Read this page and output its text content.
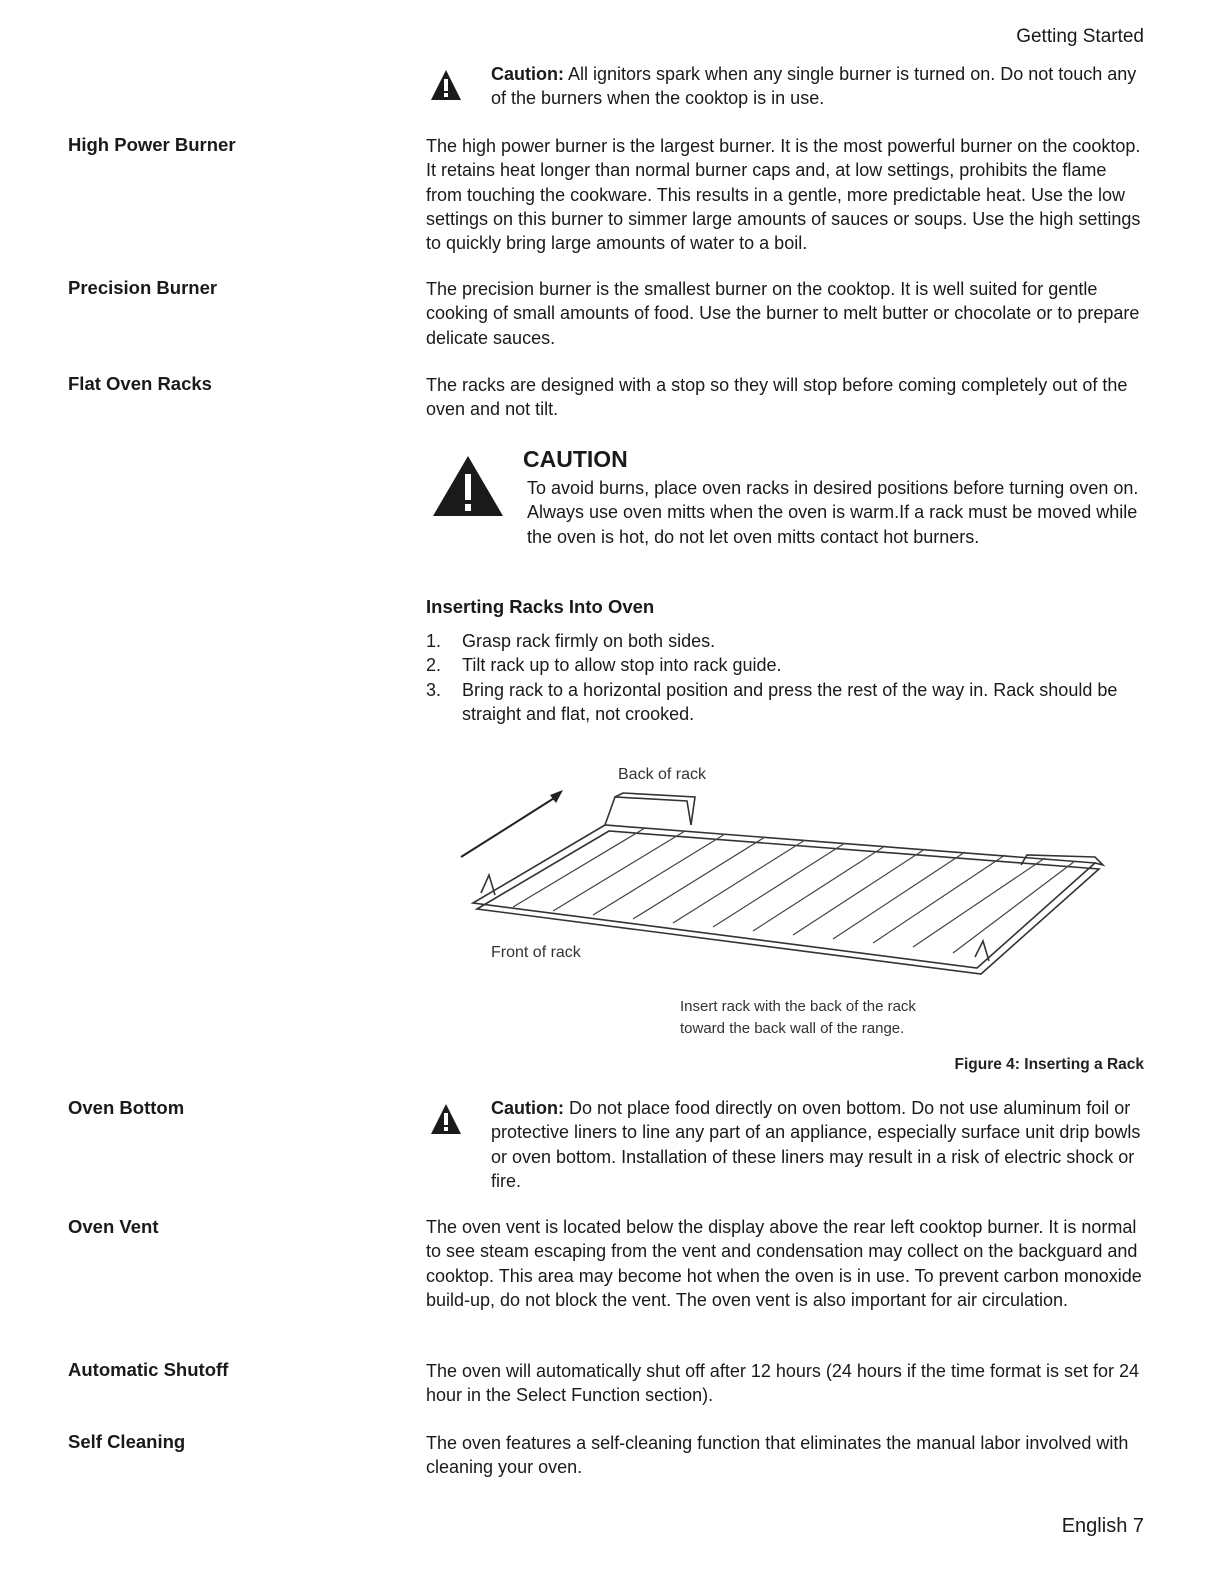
Getting Started
Caution: All ignitors spark when any single burner is turned on. Do not touch any of the burners when the cooktop is in use.
High Power Burner	The high power burner is the largest burner. It is the most powerful burner on the cooktop. It retains heat longer than normal burner caps and, at low settings, prohibits the flame from touching the cookware. This results in a gentle, more predictable heat. Use the low settings on this burner to simmer large amounts of sauces or soups. Use the high settings to quickly bring large amounts of water to a boil.
Precision Burner	The precision burner is the smallest burner on the cooktop. It is well suited for gentle cooking of small amounts of food. Use the burner to melt butter or chocolate or to prepare delicate sauces.
Flat Oven Racks	The racks are designed with a stop so they will stop before coming completely out of the oven and not tilt.
CAUTION
To avoid burns, place oven racks in desired positions before turning oven on. Always use oven mitts when the oven is warm.If a rack must be moved while the oven is hot, do not let oven mitts contact hot burners.
Inserting Racks Into Oven
1. Grasp rack firmly on both sides.
2. Tilt rack up to allow stop into rack guide.
3. Bring rack to a horizontal position and press the rest of the way in. Rack should be straight and flat, not crooked.
Back of rack
Front of rack
Insert rack with the back of the rack
toward the back wall of the range.
Figure 4: Inserting a Rack
Oven Bottom	Caution: Do not place food directly on oven bottom. Do not use aluminum foil or protective liners to line any part of an appliance, especially surface unit drip bowls or oven bottom. Installation of these liners may result in a risk of electric shock or fire.
Oven Vent	The oven vent is located below the display above the rear left cooktop burner. It is normal to see steam escaping from the vent and condensation may collect on the backguard and cooktop. This area may become hot when the oven is in use. To prevent carbon monoxide build-up, do not block the vent. The oven vent is also important for air circulation.
Automatic Shutoff	The oven will automatically shut off after 12 hours (24 hours if the time format is set for 24 hour in the Select Function section).
Self Cleaning	The oven features a self-cleaning function that eliminates the manual labor involved with cleaning your oven.
English 7
